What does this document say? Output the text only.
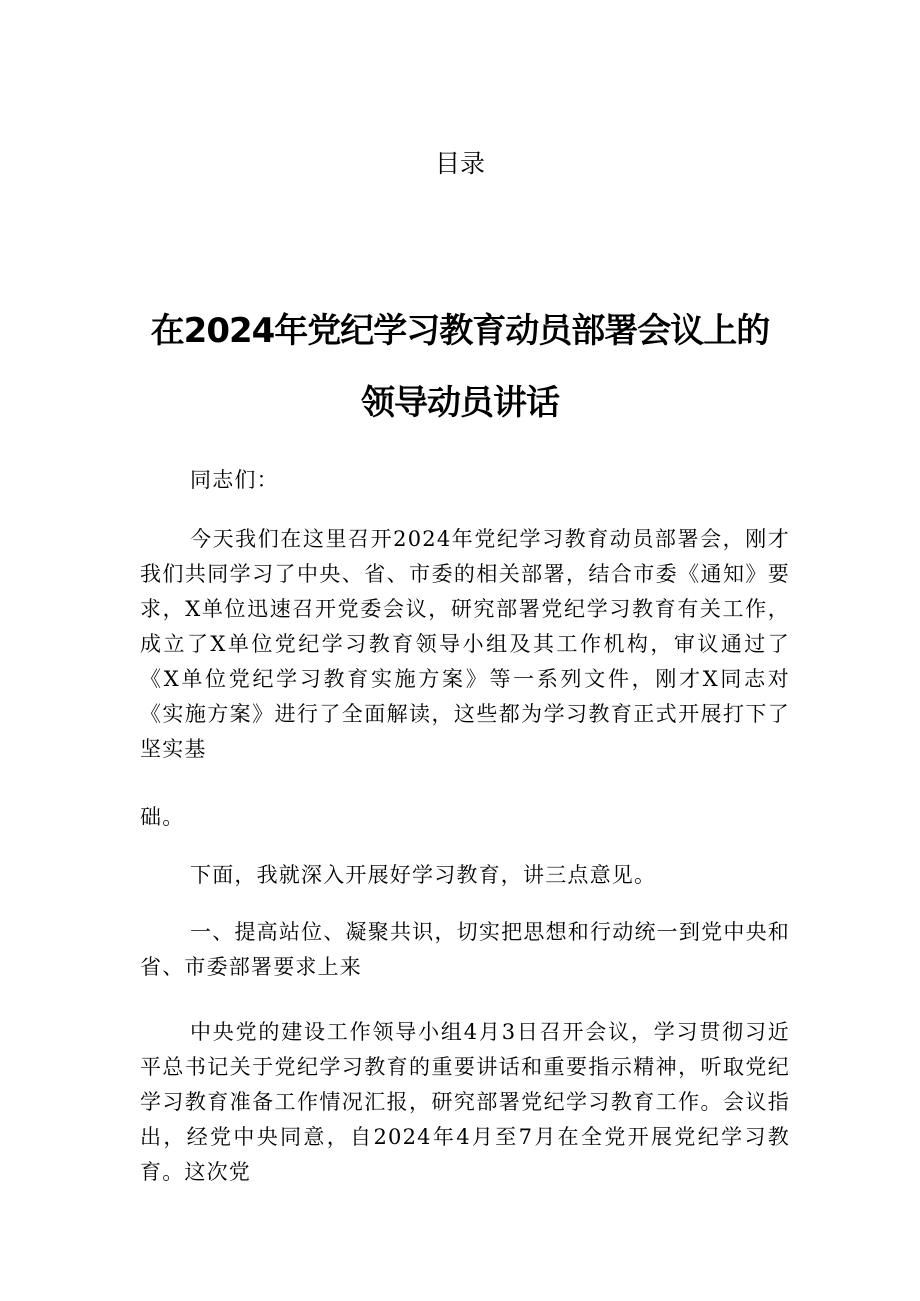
目录
在2024年党纪学习教育动员部署会议上的
领导动员讲话

同志们：

今天我们在这里召开2024年党纪学习教育动员部署会，刚才我们共同学习了中央、省、市委的相关部署，结合市委《通知》要求，X单位迅速召开党委会议，研究部署党纪学习教育有关工作，成立了X单位党纪学习教育领导小组及其工作机构，审议通过了《X单位党纪学习教育实施方案》等一系列文件，刚才X同志对《实施方案》进行了全面解读，这些都为学习教育正式开展打下了坚实基

础。

下面，我就深入开展好学习教育，讲三点意见。

一、提高站位、凝聚共识，切实把思想和行动统一到党中央和省、市委部署要求上来

中央党的建设工作领导小组4月3日召开会议，学习贯彻习近平总书记关于党纪学习教育的重要讲话和重要指示精神，听取党纪学习教育准备工作情况汇报，研究部署党纪学习教育工作。会议指出，经党中央同意，自2024年4月至7月在全党开展党纪学习教育。这次党
